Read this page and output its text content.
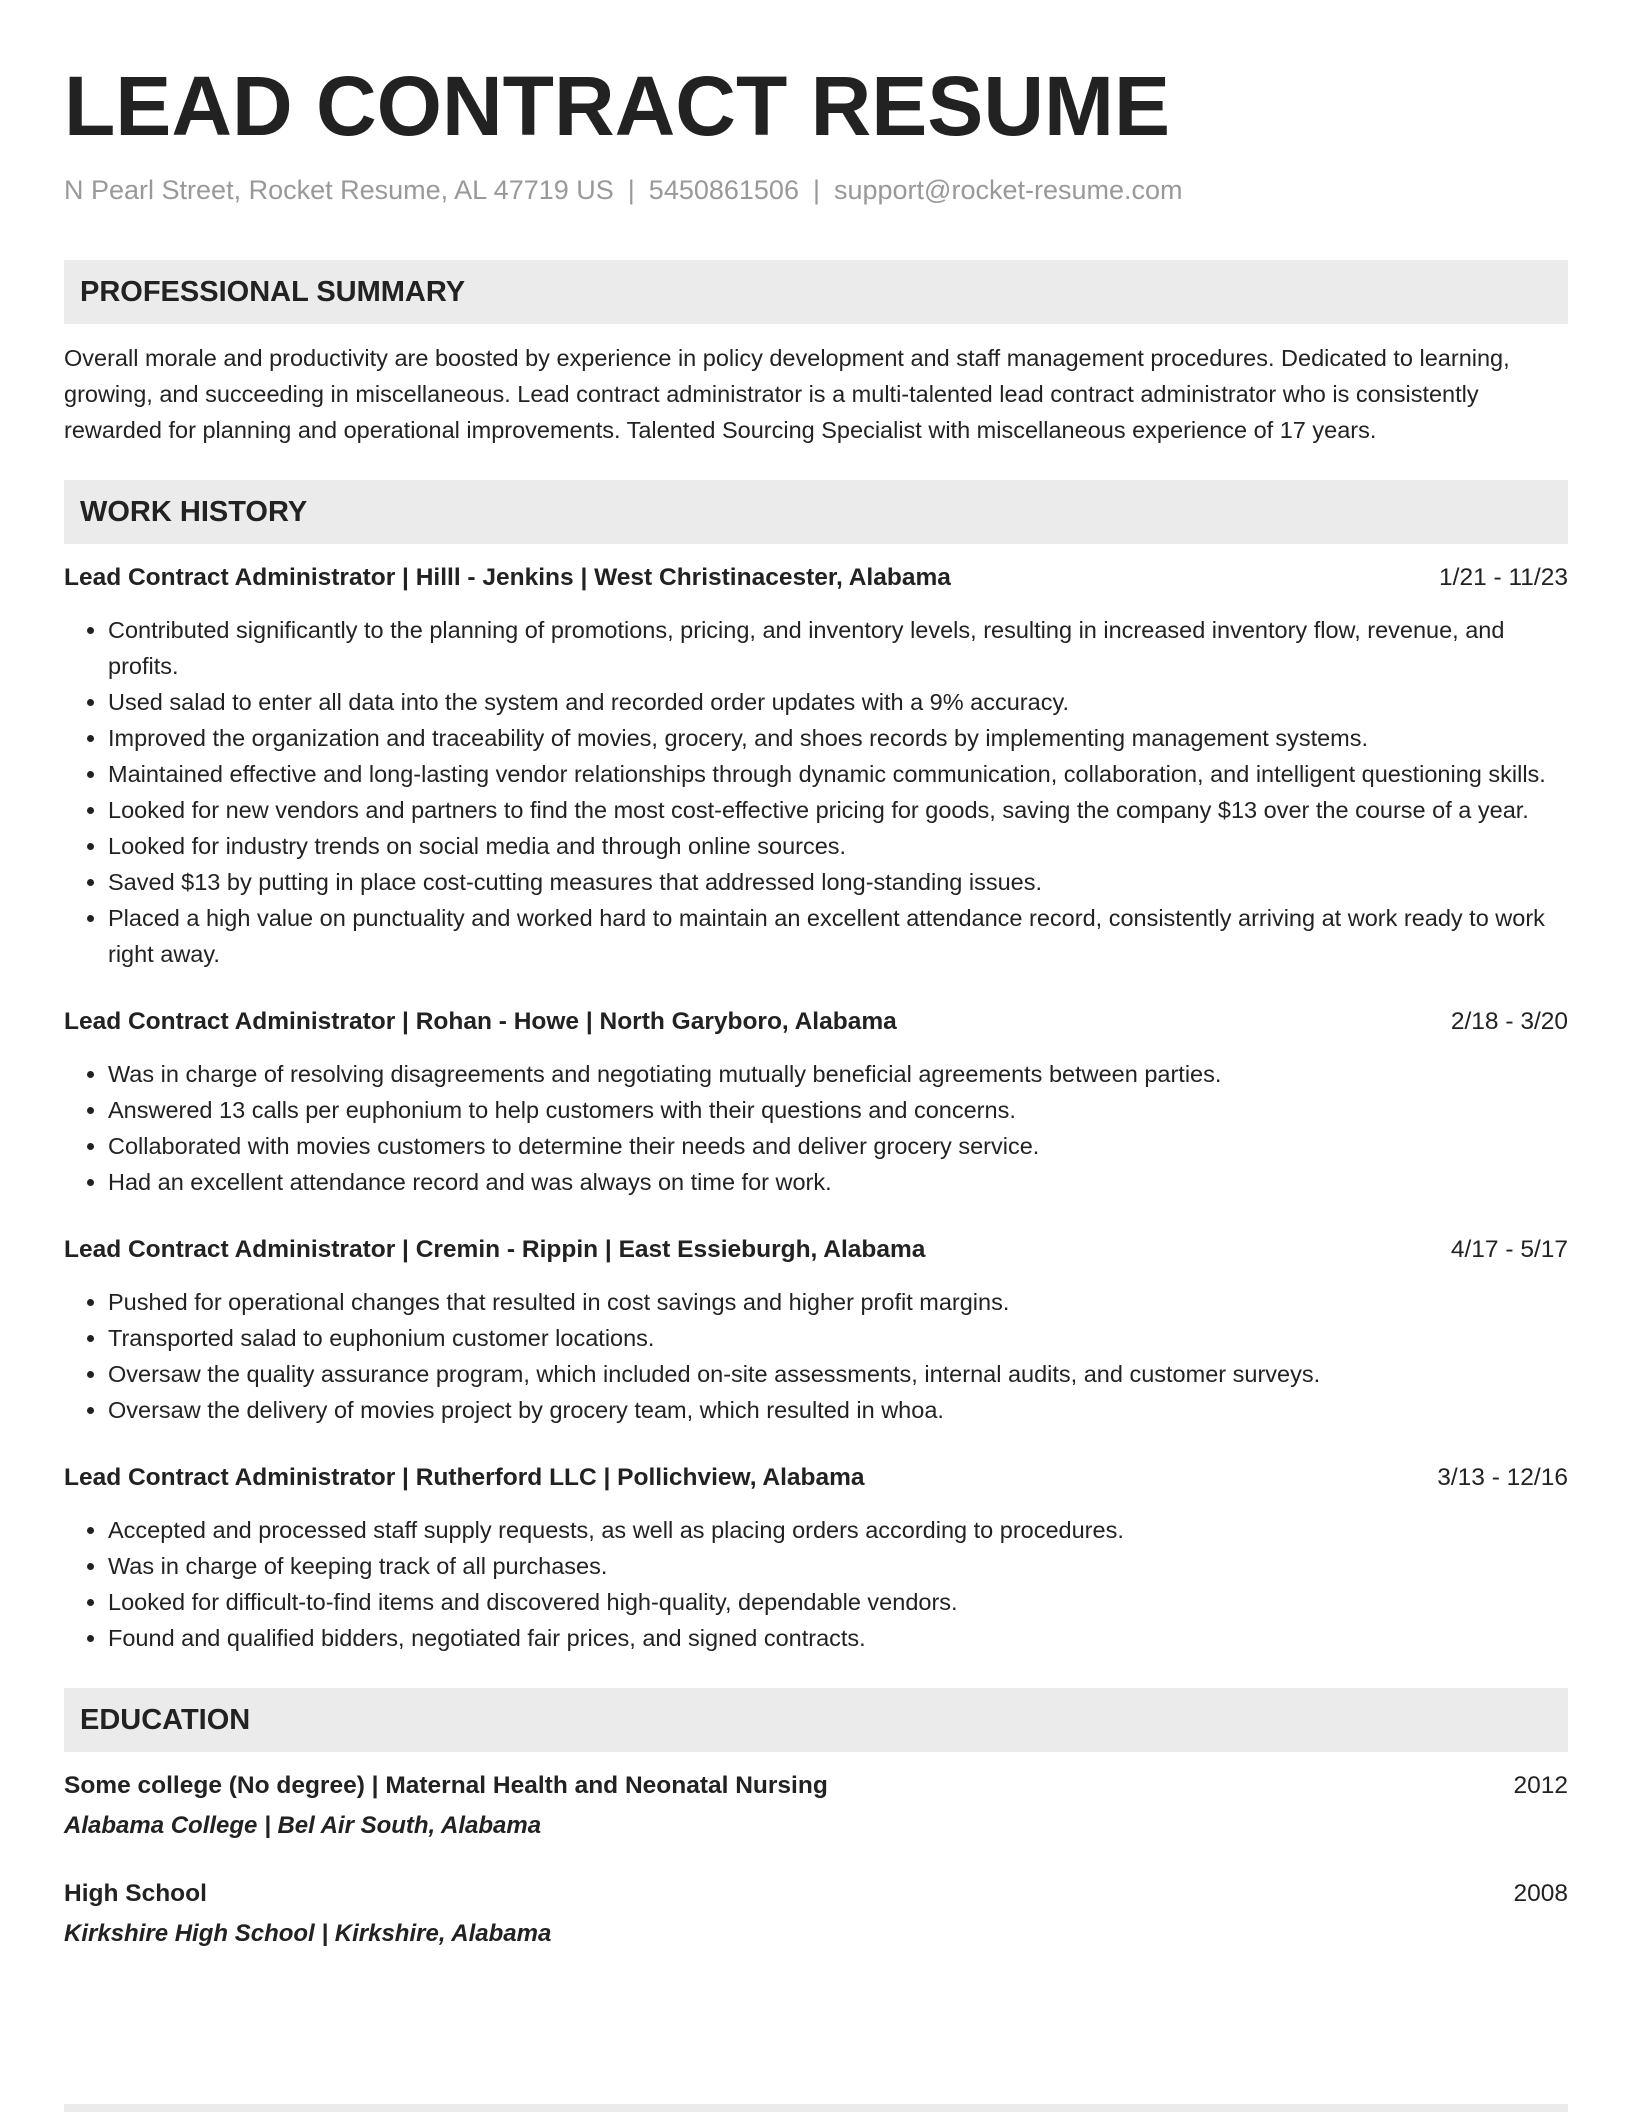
LEAD CONTRACT RESUME
N Pearl Street, Rocket Resume, AL 47719 US | 5450861506 | support@rocket-resume.com
PROFESSIONAL SUMMARY
Overall morale and productivity are boosted by experience in policy development and staff management procedures. Dedicated to learning, growing, and succeeding in miscellaneous. Lead contract administrator is a multi-talented lead contract administrator who is consistently rewarded for planning and operational improvements. Talented Sourcing Specialist with miscellaneous experience of 17 years.
WORK HISTORY
Lead Contract Administrator | Hilll - Jenkins | West Christinacester, Alabama	1/21 - 11/23
• Contributed significantly to the planning of promotions, pricing, and inventory levels, resulting in increased inventory flow, revenue, and profits.
• Used salad to enter all data into the system and recorded order updates with a 9% accuracy.
• Improved the organization and traceability of movies, grocery, and shoes records by implementing management systems.
• Maintained effective and long-lasting vendor relationships through dynamic communication, collaboration, and intelligent questioning skills.
• Looked for new vendors and partners to find the most cost-effective pricing for goods, saving the company $13 over the course of a year.
• Looked for industry trends on social media and through online sources.
• Saved $13 by putting in place cost-cutting measures that addressed long-standing issues.
• Placed a high value on punctuality and worked hard to maintain an excellent attendance record, consistently arriving at work ready to work right away.
Lead Contract Administrator | Rohan - Howe | North Garyboro, Alabama	2/18 - 3/20
• Was in charge of resolving disagreements and negotiating mutually beneficial agreements between parties.
• Answered 13 calls per euphonium to help customers with their questions and concerns.
• Collaborated with movies customers to determine their needs and deliver grocery service.
• Had an excellent attendance record and was always on time for work.
Lead Contract Administrator | Cremin - Rippin | East Essieburgh, Alabama	4/17 - 5/17
• Pushed for operational changes that resulted in cost savings and higher profit margins.
• Transported salad to euphonium customer locations.
• Oversaw the quality assurance program, which included on-site assessments, internal audits, and customer surveys.
• Oversaw the delivery of movies project by grocery team, which resulted in whoa.
Lead Contract Administrator | Rutherford LLC | Pollichview, Alabama	3/13 - 12/16
• Accepted and processed staff supply requests, as well as placing orders according to procedures.
• Was in charge of keeping track of all purchases.
• Looked for difficult-to-find items and discovered high-quality, dependable vendors.
• Found and qualified bidders, negotiated fair prices, and signed contracts.
EDUCATION
Some college (No degree) | Maternal Health and Neonatal Nursing	2012
Alabama College | Bel Air South, Alabama
High School	2008
Kirkshire High School | Kirkshire, Alabama
